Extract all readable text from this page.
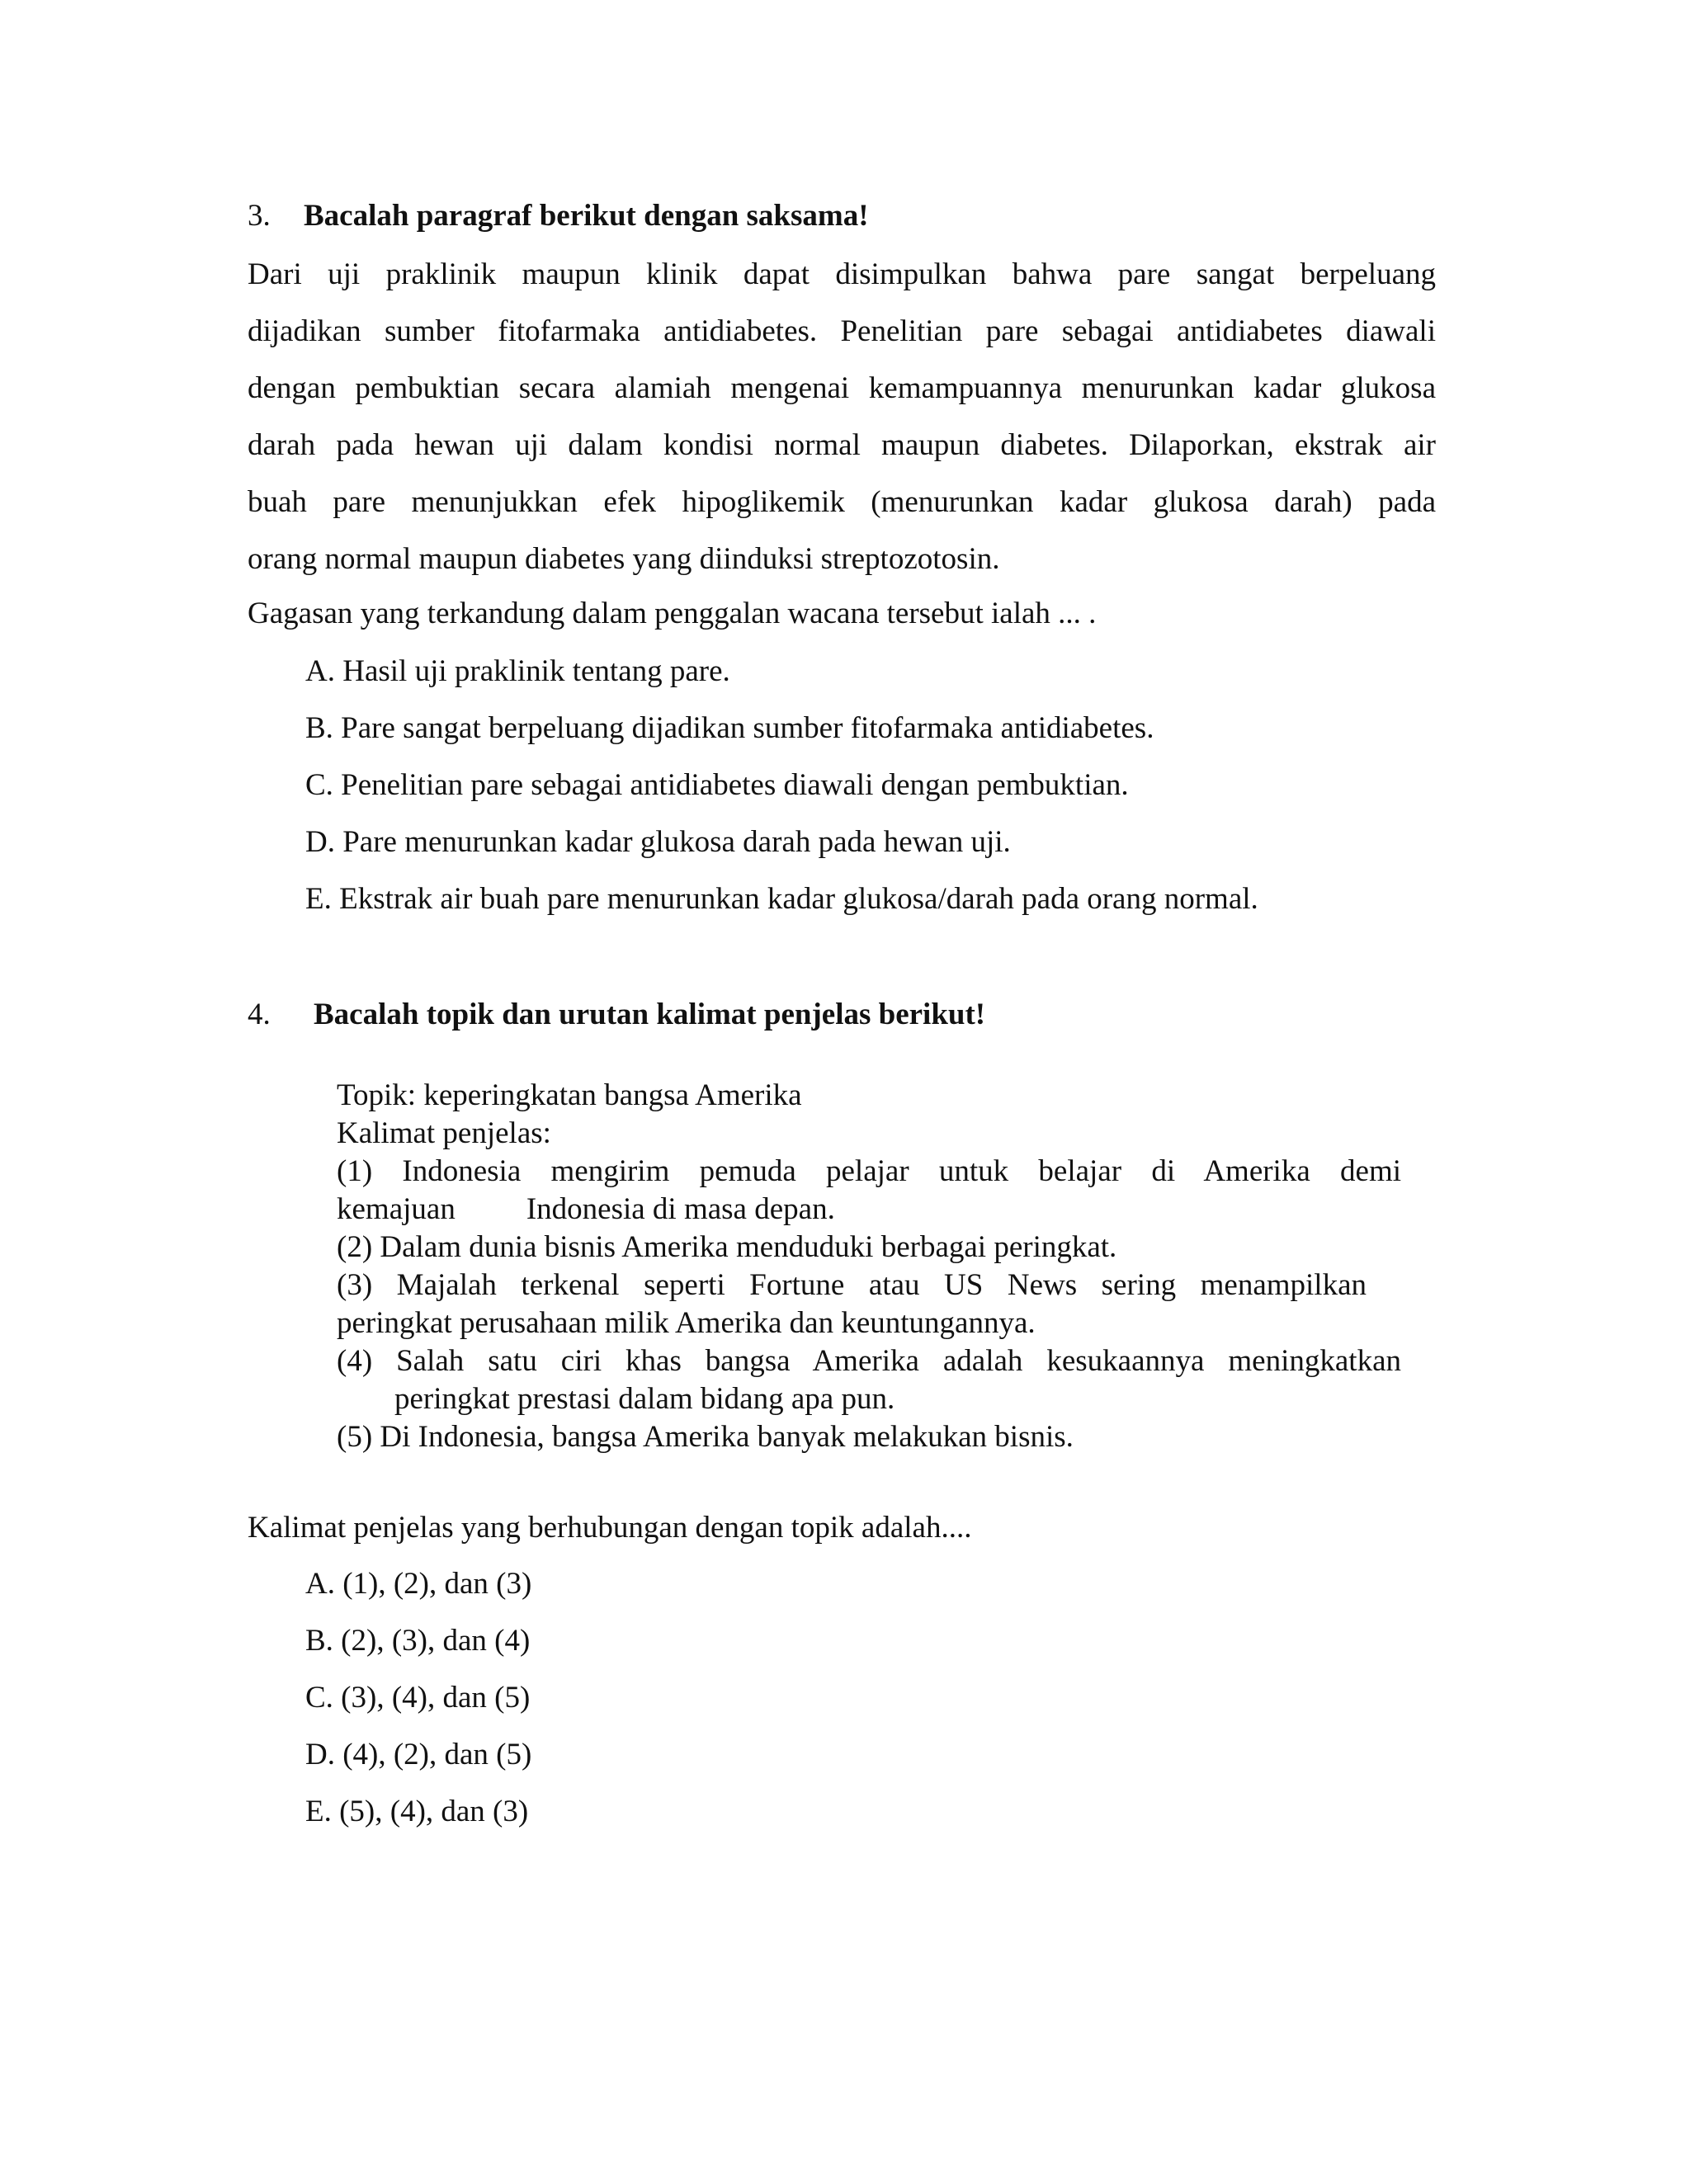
3. Bacalah paragraf berikut dengan saksama!
Dari uji praklinik maupun klinik dapat disimpulkan bahwa pare sangat berpeluang
dijadikan sumber fitofarmaka antidiabetes. Penelitian pare sebagai antidiabetes diawali
dengan pembuktian secara alamiah mengenai kemampuannya menurunkan kadar glukosa
darah pada hewan uji dalam kondisi normal maupun diabetes. Dilaporkan, ekstrak air
buah pare menunjukkan efek hipoglikemik (menurunkan kadar glukosa darah) pada
orang normal maupun diabetes yang diinduksi streptozotosin.
Gagasan yang terkandung dalam penggalan wacana tersebut ialah ... .
A. Hasil uji praklinik tentang pare.
B. Pare sangat berpeluang dijadikan sumber fitofarmaka antidiabetes.
C. Penelitian pare sebagai antidiabetes diawali dengan pembuktian.
D. Pare menurunkan kadar glukosa darah pada hewan uji.
E. Ekstrak air buah pare menurunkan kadar glukosa/darah pada orang normal.
4. Bacalah topik dan urutan kalimat penjelas berikut!
Topik: keperingkatan bangsa Amerika
Kalimat penjelas:
(1) Indonesia mengirim pemuda pelajar untuk belajar di Amerika demi
kemajuan Indonesia di masa depan.
(2) Dalam dunia bisnis Amerika menduduki berbagai peringkat.
(3) Majalah terkenal seperti Fortune atau US News sering menampilkan
peringkat perusahaan milik Amerika dan keuntungannya.
(4) Salah satu ciri khas bangsa Amerika adalah kesukaannya meningkatkan
peringkat prestasi dalam bidang apa pun.
(5) Di Indonesia, bangsa Amerika banyak melakukan bisnis.
Kalimat penjelas yang berhubungan dengan topik adalah....
A. (1), (2), dan (3)
B. (2), (3), dan (4)
C. (3), (4), dan (5)
D. (4), (2), dan (5)
E. (5), (4), dan (3)
